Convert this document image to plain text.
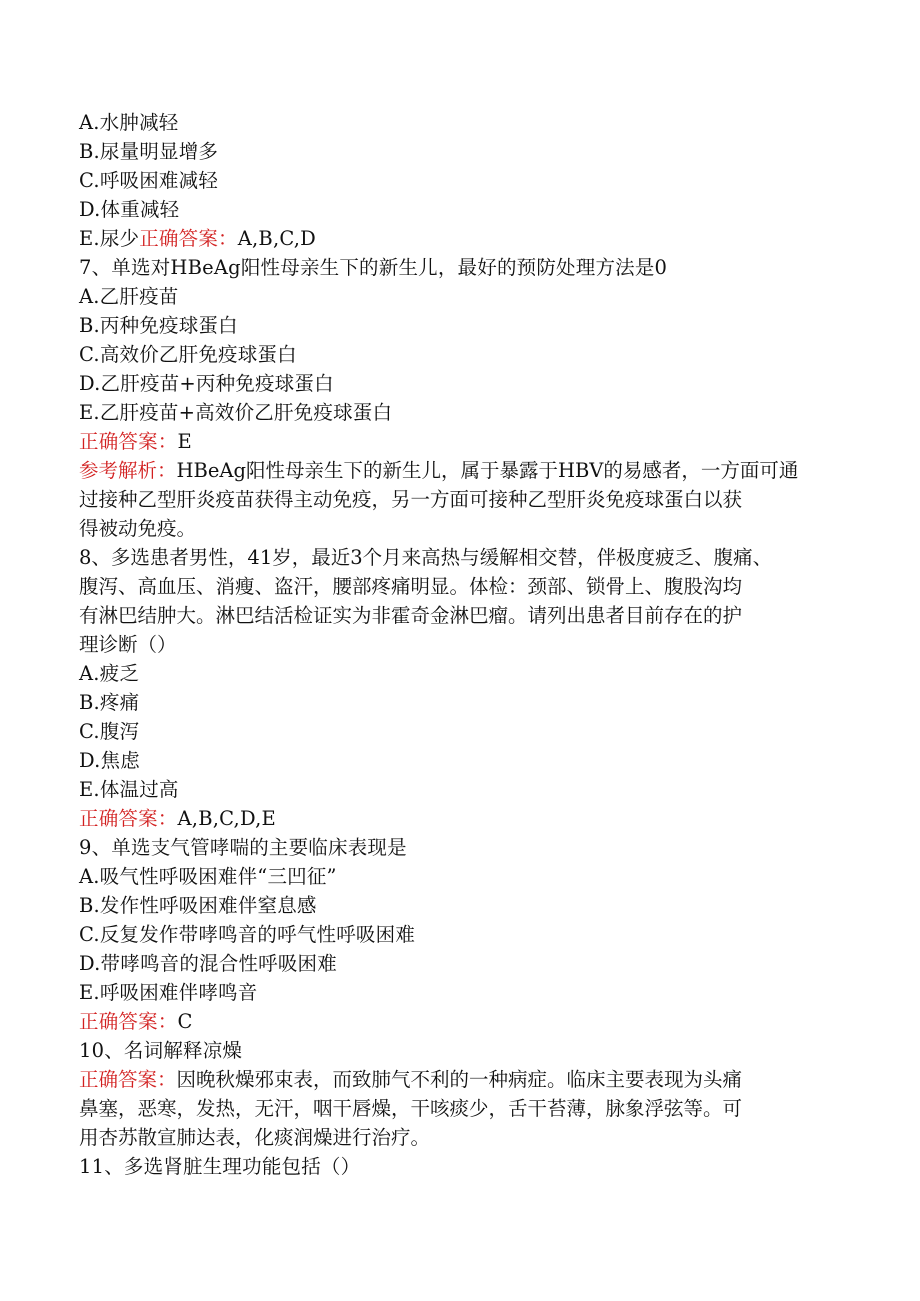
A.水肿减轻
B.尿量明显增多
C.呼吸困难减轻
D.体重减轻
E.尿少正确答案：A,B,C,D
7、单选对HBeAg阳性母亲生下的新生儿，最好的预防处理方法是0
A.乙肝疫苗
B.丙种免疫球蛋白
C.高效价乙肝免疫球蛋白
D.乙肝疫苗+丙种免疫球蛋白
E.乙肝疫苗+高效价乙肝免疫球蛋白
正确答案：E
参考解析：HBeAg阳性母亲生下的新生儿，属于暴露于HBV的易感者，一方面可通
过接种乙型肝炎疫苗获得主动免疫，另一方面可接种乙型肝炎免疫球蛋白以获
得被动免疫。
8、多选患者男性，41岁，最近3个月来高热与缓解相交替，伴极度疲乏、腹痛、
腹泻、高血压、消瘦、盗汗，腰部疼痛明显。体检：颈部、锁骨上、腹股沟均
有淋巴结肿大。淋巴结活检证实为非霍奇金淋巴瘤。请列出患者目前存在的护
理诊断（）
A.疲乏
B.疼痛
C.腹泻
D.焦虑
E.体温过高
正确答案：A,B,C,D,E
9、单选支气管哮喘的主要临床表现是
A.吸气性呼吸困难伴“三凹征”
B.发作性呼吸困难伴窒息感
C.反复发作带哮鸣音的呼气性呼吸困难
D.带哮鸣音的混合性呼吸困难
E.呼吸困难伴哮鸣音
正确答案：C
10、名词解释凉燥
正确答案：因晚秋燥邪束表，而致肺气不利的一种病症。临床主要表现为头痛
鼻塞，恶寒，发热，无汗，咽干唇燥，干咳痰少，舌干苔薄，脉象浮弦等。可
用杏苏散宣肺达表，化痰润燥进行治疗。
11、多选肾脏生理功能包括（）
